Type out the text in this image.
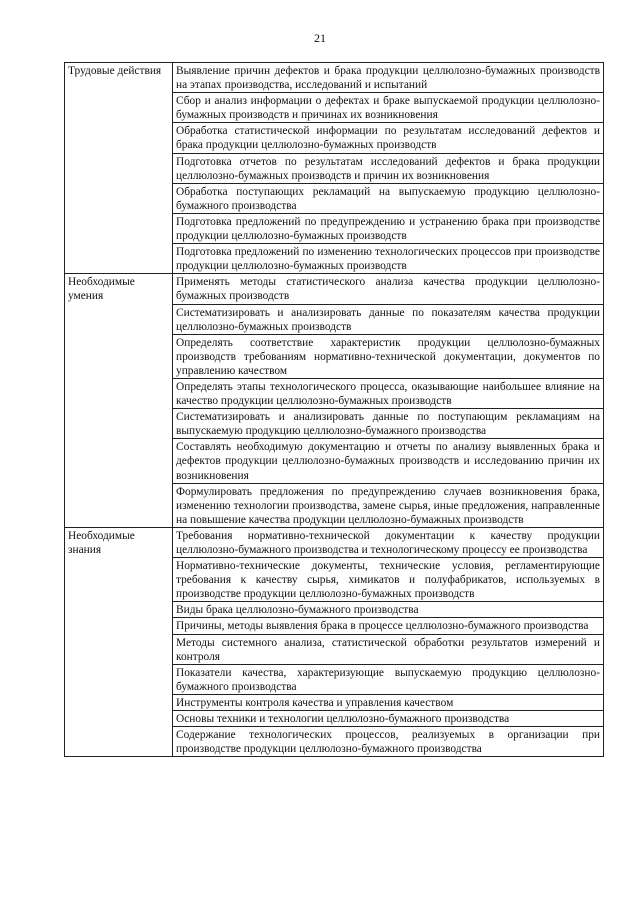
21
Трудовые действия	Выявление причин дефектов и брака продукции целлюлозно-бумажных производств на этапах производства, исследований и испытаний
	Сбор и анализ информации о дефектах и браке выпускаемой продукции целлюлозно-бумажных производств и причинах их возникновения
	Обработка статистической информации по результатам исследований дефектов и брака продукции целлюлозно-бумажных производств
	Подготовка отчетов по результатам исследований дефектов и брака продукции целлюлозно-бумажных производств и причин их возникновения
	Обработка поступающих рекламаций на выпускаемую продукцию целлюлозно-бумажного производства
	Подготовка предложений по предупреждению и устранению брака при производстве продукции целлюлозно-бумажных производств
	Подготовка предложений по изменению технологических процессов при производстве продукции целлюлозно-бумажных производств
Необходимые умения	Применять методы статистического анализа качества продукции целлюлозно-бумажных производств
	Систематизировать и анализировать данные по показателям качества продукции целлюлозно-бумажных производств
	Определять соответствие характеристик продукции целлюлозно-бумажных производств требованиям нормативно-технической документации, документов по управлению качеством
	Определять этапы технологического процесса, оказывающие наибольшее влияние на качество продукции целлюлозно-бумажных производств
	Систематизировать и анализировать данные по поступающим рекламациям на выпускаемую продукцию целлюлозно-бумажного производства
	Составлять необходимую документацию и отчеты по анализу выявленных брака и дефектов продукции целлюлозно-бумажных производств и исследованию причин их возникновения
	Формулировать предложения по предупреждению случаев возникновения брака, изменению технологии производства, замене сырья, иные предложения, направленные на повышение качества продукции целлюлозно-бумажных производств
Необходимые знания	Требования нормативно-технической документации к качеству продукции целлюлозно-бумажного производства и технологическому процессу ее производства
	Нормативно-технические документы, технические условия, регламентирующие требования к качеству сырья, химикатов и полуфабрикатов, используемых в производстве продукции целлюлозно-бумажных производств
	Виды брака целлюлозно-бумажного производства
	Причины, методы выявления брака в процессе целлюлозно-бумажного производства
	Методы системного анализа, статистической обработки результатов измерений и контроля
	Показатели качества, характеризующие выпускаемую продукцию целлюлозно-бумажного производства
	Инструменты контроля качества и управления качеством
	Основы техники и технологии целлюлозно-бумажного производства
	Содержание технологических процессов, реализуемых в организации при производстве продукции целлюлозно-бумажного производства
